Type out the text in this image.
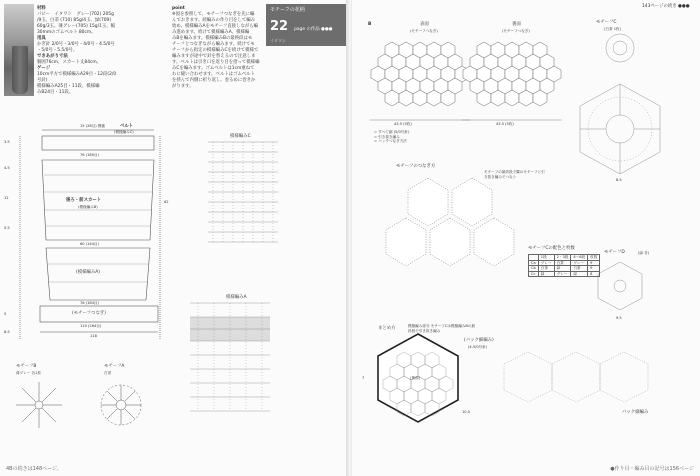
材料
パピー　イタワシ　グレー(702) 205g
/9玉、白茶 (710) 85g/4玉、緑(709)
60g/3玉、薄グレー(705) 15g/1玉、幅
30mmのゴムベルト 80cm。
用具
かぎ針 2/0号・3/0号・4/0号・4.5/0号
・5/0号・5.5/0号。
できあがり寸法
胴囲76cm、スカート丈84cm。
ゲージ
10cm平方で模様編みA29目・12段(2/0
号針)
模様編みA25目・11段、模様編
みB24目・11段。
point
※図を参照して、モチーフつなぎを先に編
んでおきます。続編みの作り目をして編み
始め、模様編みAをモチーフ直接しながら編
み進めます。続けて模様編みA、模様編
みBを編みます。模様編みBの最終段はモ
チーフとつなぎながら編みます。続けてモ
チーフから指定の模様編みCを続けて模様で
編みますが途中で針を替えるので注意しま
す。ベルトは引き口を返り目を拾って模様編
みCを編みます。ゴムベルトは1cm重ねて
わに縫い合わせます。ベルトはゴムベルト
を挟んで内側に折り返し、巻るめに巻きか
がります。
モチーフの花柄
22 page の作品 ●●●
イタワシ
15 (28目) 模様	ベルト
(模様編みC)
76 (180目)
後ろ・前スカート
(模様編みB)
60 (144目)
(模様編みA)
76 (184目)
(モチーフつなぎ)
110 (264目)
118
3.5
4.5
12
5.5
62
5
6.5
模様編みC
模様編みA
モチーフB
薄グレー 各1枚
モチーフA
白茶
4Bの続きは148ページ。
B
143ページの続き ●●●
表面
(モチーフつなぎ)
裏面
(モチーフつなぎ)
モチーフC
(白茶 1枚)
43.5 (5枚)	43.5 (5枚)
8.5
9.5
= すべて細 (5/0号針)
= 引き抜き編み
= バックつなぎ方法
モチーフのつなぎ方
モチーフの最終段で隣のモチーフと引き抜き編みでつなぐ
モチーフCの配色と枚数
	1段	2・3段	4～6段	枚数
Ca	グレー	白茶	グレー	9
Cb	白茶	緑	白茶	9
Cc	緑	グレー	緑	8
モチーフD	(緑 各)
まとめ方	模様編み部分 モチーフCは模様編みBの最終段で引き抜き編み
(裏面)
(バック細編み)
(4.5/0号針)
バック細編み
10.5
7
●作り目・編み目の記号は156ページ
